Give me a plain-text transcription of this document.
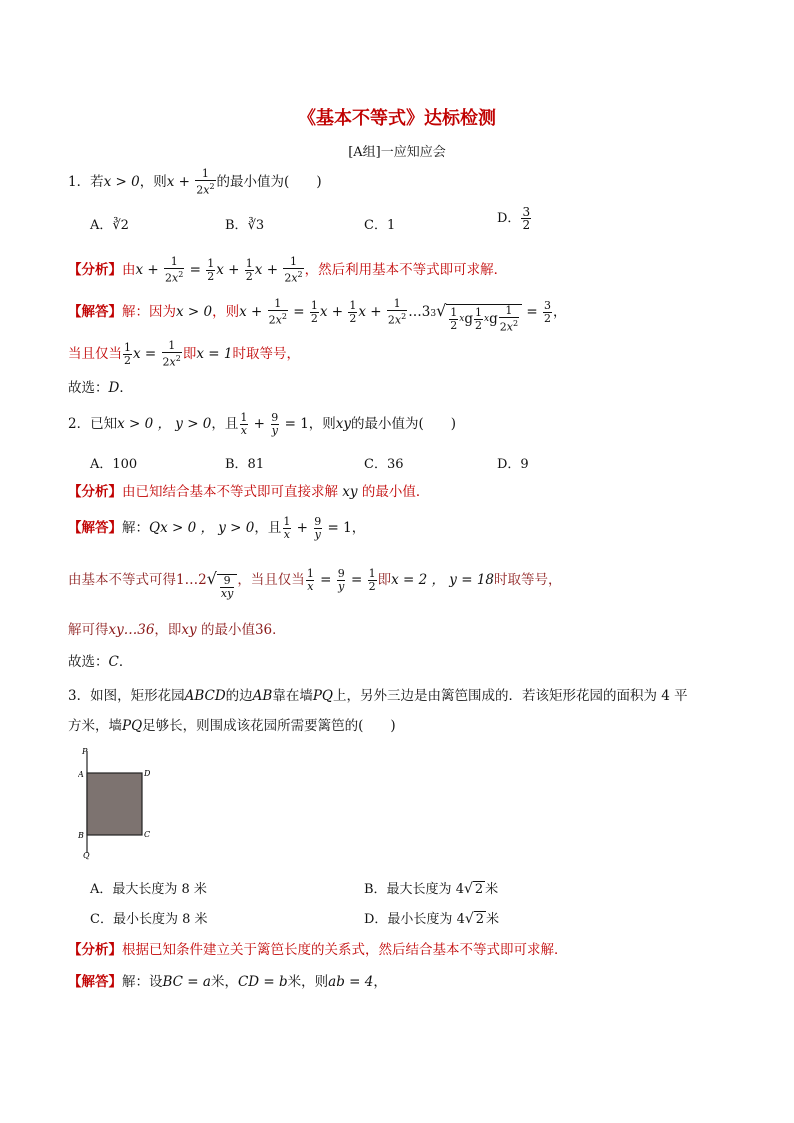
《基本不等式》达标检测
[A组]一应知应会
1．若x > 0，则$x + \frac{1}{2x^2}$ 的最小值为(　　)
A．∛2	B．∛3	C．1	D． $\frac{3}{2}$
【分析】由$x + \frac{1}{2x^2} = \frac{1}{2}$ $x + \frac{1}{2}$ $x + \frac{1}{2x^2}$ ，然后利用基本不等式即可求解．
【解答】解：因为x > 0，则$x + \frac{1}{2x^2} = \frac{1}{2}$ $x + \frac{1}{2}$ $x + \frac{1}{2x^2}$ …33√ $\frac{1}{2}$ x g $\frac{1}{2}$ x g $\frac{1}{2x^2} = \frac{3}{2}$ ，
当且仅当 $\frac{1}{2}$ $x = \frac{1}{2x^2}$ 即x = 1时取等号，
故选：D．
2．已知x > 0 ， y > 0，且 $\frac{1}{x} + \frac{9}{y} = 1$，则xy的最小值为(　　)
A．100	B．81	C．36	D．9
【分析】由已知结合基本不等式即可直接求解 xy 的最小值．
【解答】解：Qx > 0 ， y > 0，且 $\frac{1}{x} + \frac{9}{y} = 1$，
由基本不等式可得1…2√ $\frac{9}{xy}$ ，当且仅当 $\frac{1}{x} = \frac{9}{y} = \frac{1}{2}$ 即x = 2 ， y = 18时取等号，
解可得xy…36，即xy 的最小值36．
故选：C．
3．如图，矩形花园ABCD的边AB靠在墙PQ上，另外三边是由篱笆围成的．若该矩形花园的面积为 4 平
方米，墙PQ足够长，则围成该花园所需要篱笆的(　　)
P
A	D
B	C
Q
A．最大长度为 8 米	B．最大长度为 4√ 2 米
C．最小长度为 8 米	D．最小长度为 4√ 2 米
【分析】根据已知条件建立关于篱笆长度的关系式，然后结合基本不等式即可求解．
【解答】解：设BC = a米，CD = b米，则ab = 4，
